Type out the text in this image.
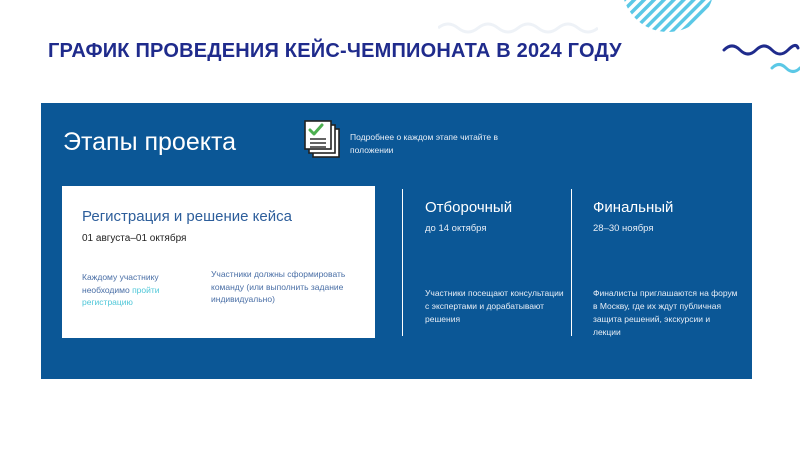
ГРАФИК ПРОВЕДЕНИЯ КЕЙС-ЧЕМПИОНАТА В 2024 ГОДУ
Этапы проекта	Подробнее о каждом этапе читайте в положении
Регистрация и решение кейса
01 августа–01 октября
Каждому участнику необходимо пройти регистрацию
Участники должны сформировать команду (или выполнить задание индивидуально)
Отборочный
до 14 октября
Участники посещают консультации с экспертами и дорабатывают решения
Финальный
28–30 ноября
Финалисты приглашаются на форум в Москву, где их ждут публичная защита решений, экскурсии и лекции
